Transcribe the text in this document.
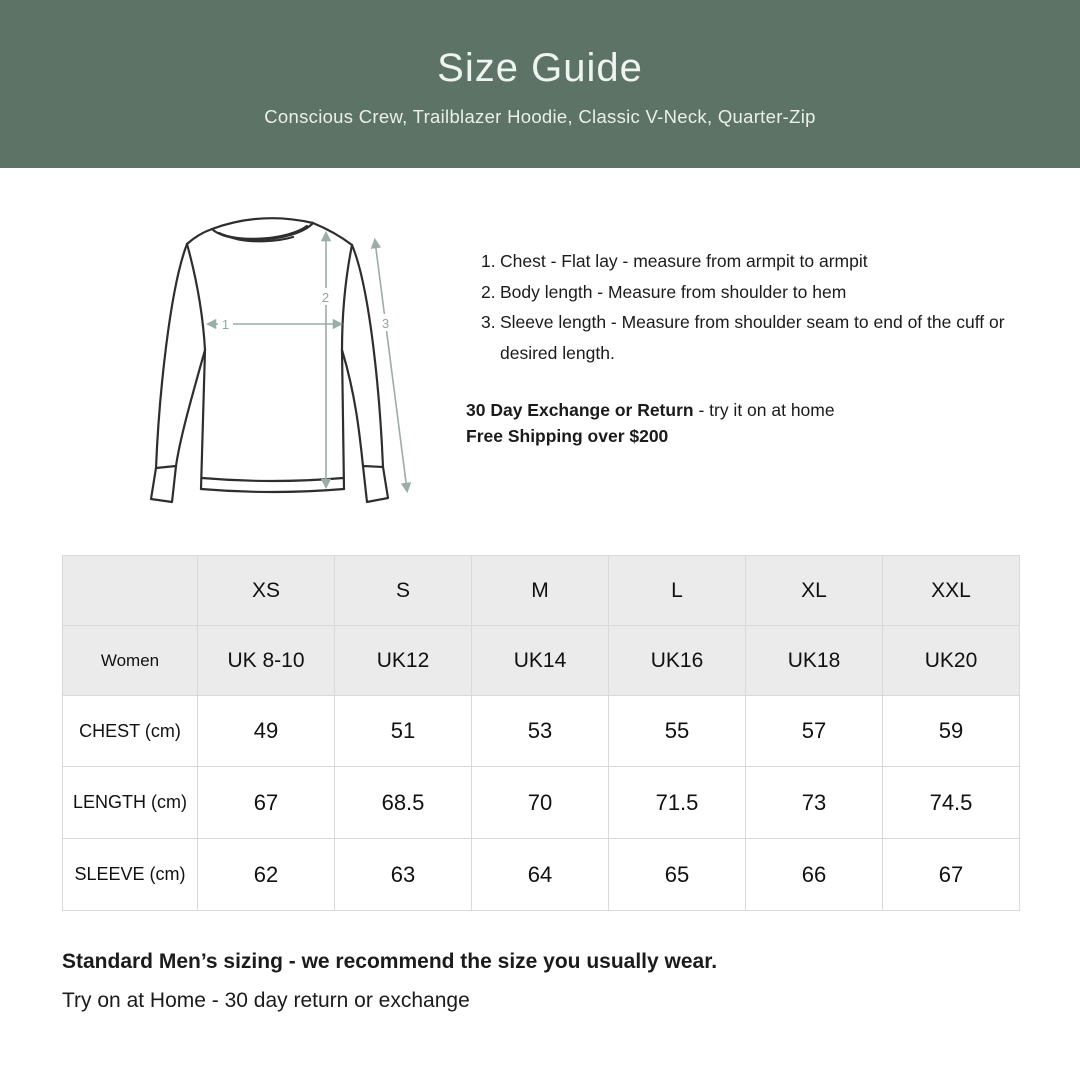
Size Guide

Conscious Crew, Trailblazer Hoodie, Classic V-Neck, Quarter-Zip

1
2
3
1. Chest - Flat lay - measure from armpit to armpit
2. Body length - Measure from shoulder to hem
3. Sleeve length - Measure from shoulder seam to end of the cuff or desired length.

30 Day Exchange or Return - try it on at home

Free Shipping over $200

	XS	S	M	L	XL	XXL
Women	UK 8-10	UK12	UK14	UK16	UK18	UK20
CHEST (cm)	49	51	53	55	57	59
LENGTH (cm)	67	68.5	70	71.5	73	74.5
SLEEVE (cm)	62	63	64	65	66	67

Standard Men’s sizing - we recommend the size you usually wear.

Try on at Home - 30 day return or exchange
